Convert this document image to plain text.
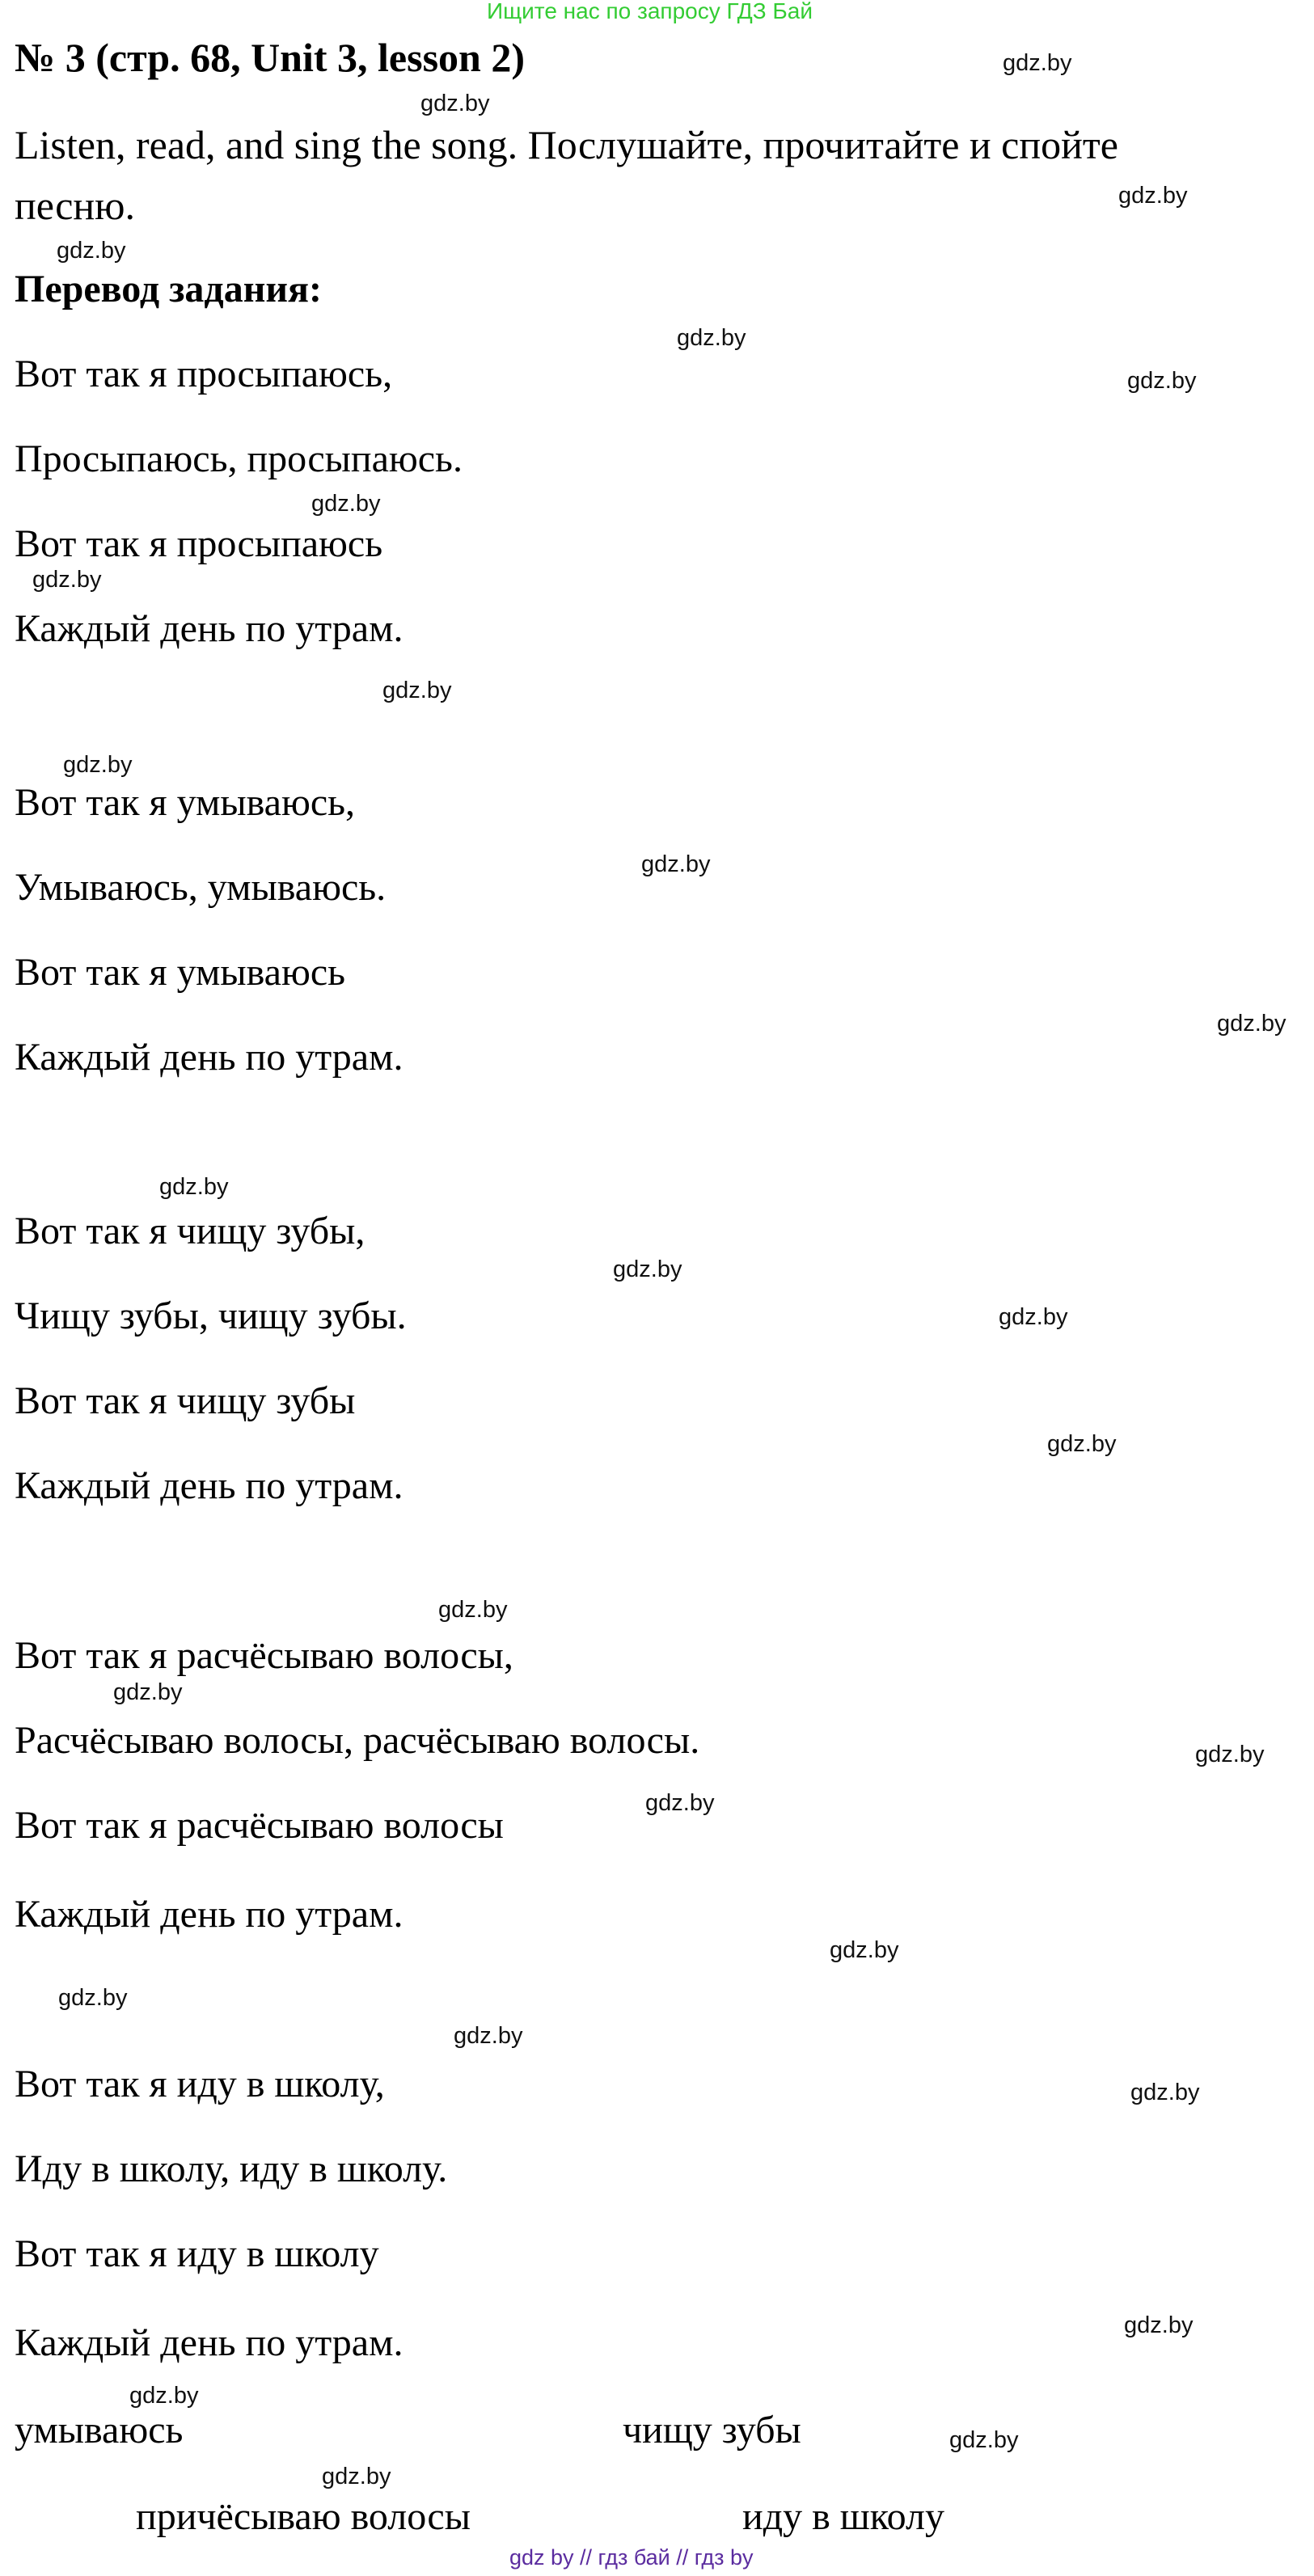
Ищите нас по запросу ГДЗ Бай
№ 3 (стр. 68, Unit 3, lesson 2)
Listen, read, and sing the song. Послушайте, прочитайте и спойте
песню.
Перевод задания:
Вот так я просыпаюсь,
Просыпаюсь, просыпаюсь.
Вот так я просыпаюсь
Каждый день по утрам.
Вот так я умываюсь,
Умываюсь, умываюсь.
Вот так я умываюсь
Каждый день по утрам.
Вот так я чищу зубы,
Чищу зубы, чищу зубы.
Вот так я чищу зубы
Каждый день по утрам.
Вот так я расчёсываю волосы,
Расчёсываю волосы, расчёсываю волосы.
Вот так я расчёсываю волосы
Каждый день по утрам.
Вот так я иду в школу,
Иду в школу, иду в школу.
Вот так я иду в школу
Каждый день по утрам.
умываюсь	чищу зубы
причёсываю волосы	иду в школу
gdz.by
gdz.by
gdz.by
gdz.by
gdz.by
gdz.by
gdz.by
gdz.by
gdz.by
gdz.by
gdz.by
gdz.by
gdz.by
gdz.by
gdz.by
gdz.by
gdz.by
gdz.by
gdz.by
gdz.by
gdz.by
gdz.by
gdz.by
gdz.by
gdz.by
gdz.by
gdz.by
gdz.by
gdz by // гдз бай // гдз by
